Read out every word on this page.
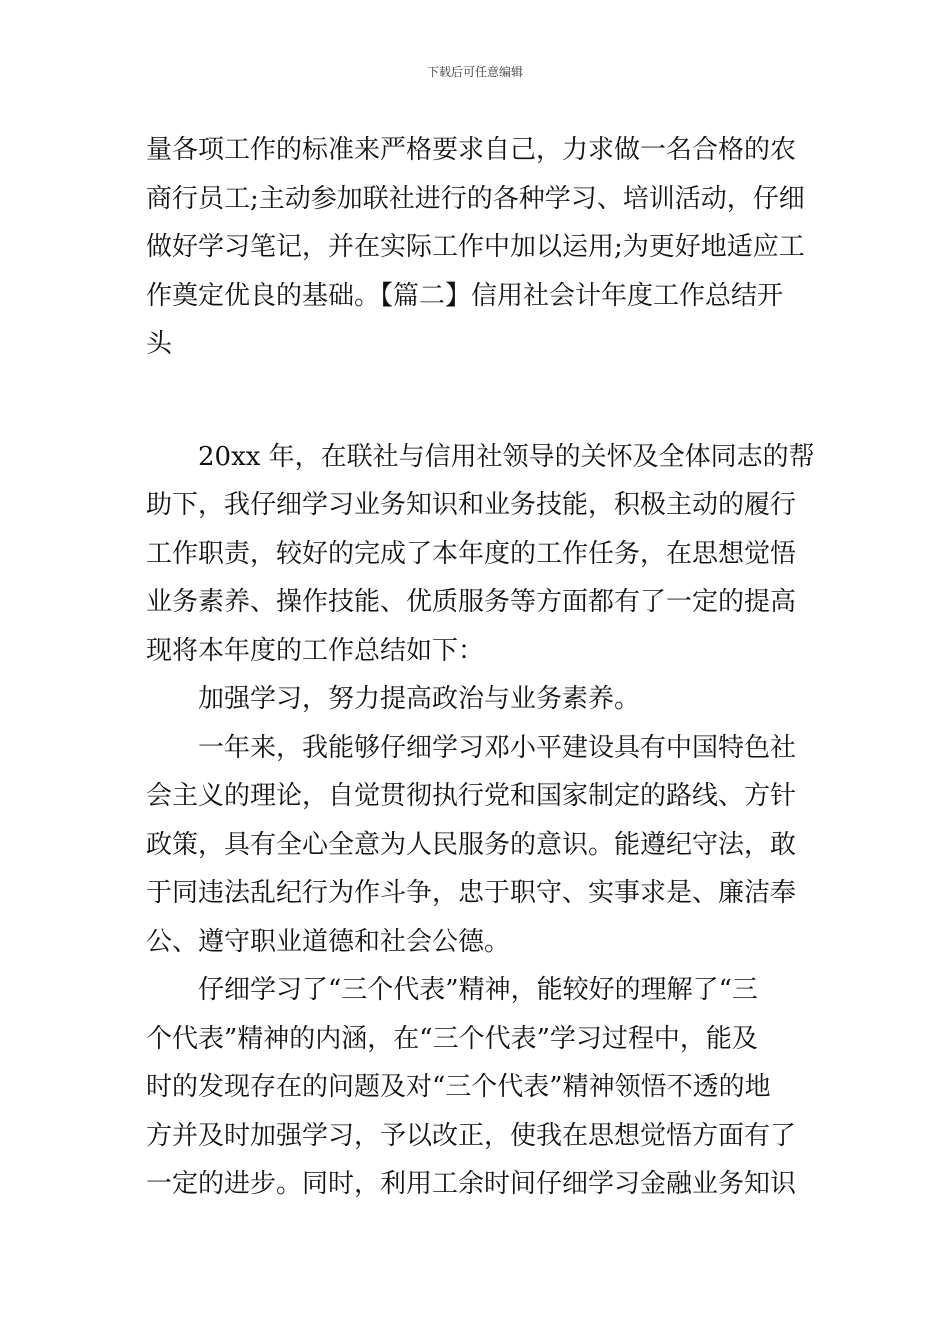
下载后可任意编辑
量各项工作的标准来严格要求自己，力求做一名合格的农
商行员工;主动参加联社进行的各种学习、培训活动，仔细
做好学习笔记，并在实际工作中加以运用;为更好地适应工
作奠定优良的基础。【篇二】信用社会计年度工作总结开
头
20xx 年，在联社与信用社领导的关怀及全体同志的帮
助下，我仔细学习业务知识和业务技能，积极主动的履行
工作职责，较好的完成了本年度的工作任务，在思想觉悟
业务素养、操作技能、优质服务等方面都有了一定的提高
现将本年度的工作总结如下：
加强学习，努力提高政治与业务素养。
一年来，我能够仔细学习邓小平建设具有中国特色社
会主义的理论，自觉贯彻执行党和国家制定的路线、方针
政策，具有全心全意为人民服务的意识。能遵纪守法，敢
于同违法乱纪行为作斗争，忠于职守、实事求是、廉洁奉
公、遵守职业道德和社会公德。
仔细学习了“三个代表”精神，能较好的理解了“三
个代表”精神的内涵，在“三个代表”学习过程中，能及
时的发现存在的问题及对“三个代表”精神领悟不透的地
方并及时加强学习，予以改正，使我在思想觉悟方面有了
一定的进步。同时，利用工余时间仔细学习金融业务知识
